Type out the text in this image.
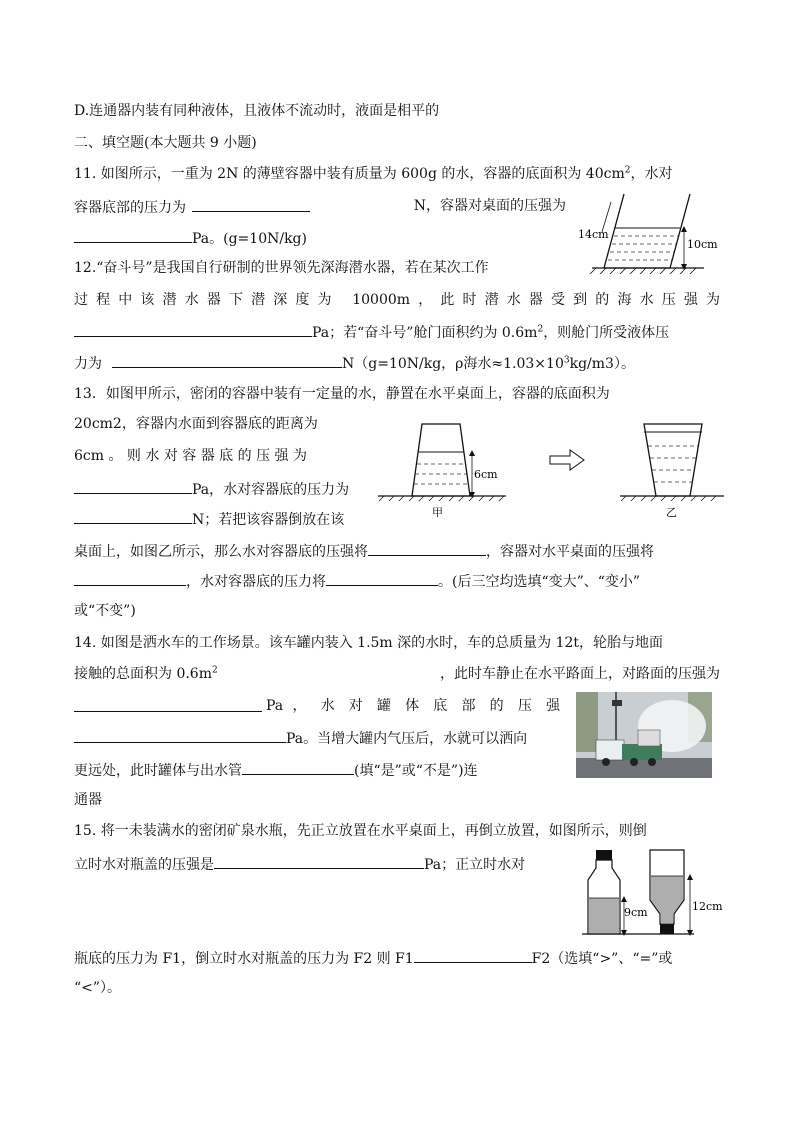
D.连通器内装有同种液体，且液体不流动时，液面是相平的
二、填空题(本大题共 9 小题)
11. 如图所示，一重为 2N 的薄壁容器中装有质量为 600g 的水，容器的底面积为 $40cm^2$，水对
容器底部的压力为	N，容器对桌面的压强为
Pa。(g=10N/kg)	14cm
10cm
12.“奋斗号”是我国自行研制的世界领先深海潜水器，若在某次工作
过程中该潜水器下潜深度为 10000m，此时潜水器受到的海水压强为
Pa；若“奋斗号”舱门面积约为 $0.6m^2$，则舱门所受液体压
力为	N（g=10N/kg，ρ海水$\approx 1.03\times 10^3kg/m3$）。
13．如图甲所示，密闭的容器中装有一定量的水，静置在水平桌面上，容器的底面积为
20cm2，容器内水面到容器底的距离为
6cm 。 则 水 对 容 器 底 的 压 强 为
Pa，水对容器底的压力为
N；若把该容器倒放在该
6cm
甲	乙
桌面上，如图乙所示，那么水对容器底的压强将	，容器对水平桌面的压强将
，水对容器底的压力将	。(后三空均选填“变大”、“变小”
或“不变”)
14. 如图是洒水车的工作场景。该车罐内装入 1.5m 深的水时，车的总质量为 12t，轮胎与地面
接触的总面积为 $0.6m^2$	，此时车静止在水平路面上，对路面的压强为
Pa ， 水 对 罐 体 底 部 的 压 强
Pa。当增大罐内气压后，水就可以洒向
更远处，此时罐体与出水管	(填“是”或“不是”)连
通器
15. 将一未装满水的密闭矿泉水瓶，先正立放置在水平桌面上，再倒立放置，如图所示，则倒
立时水对瓶盖的压强是	Pa；正立时水对
9cm	12cm
瓶底的压力为 F1，倒立时水对瓶盖的压力为 F2 则 F1	F2（选填“>”、“=”或
“<”）。
